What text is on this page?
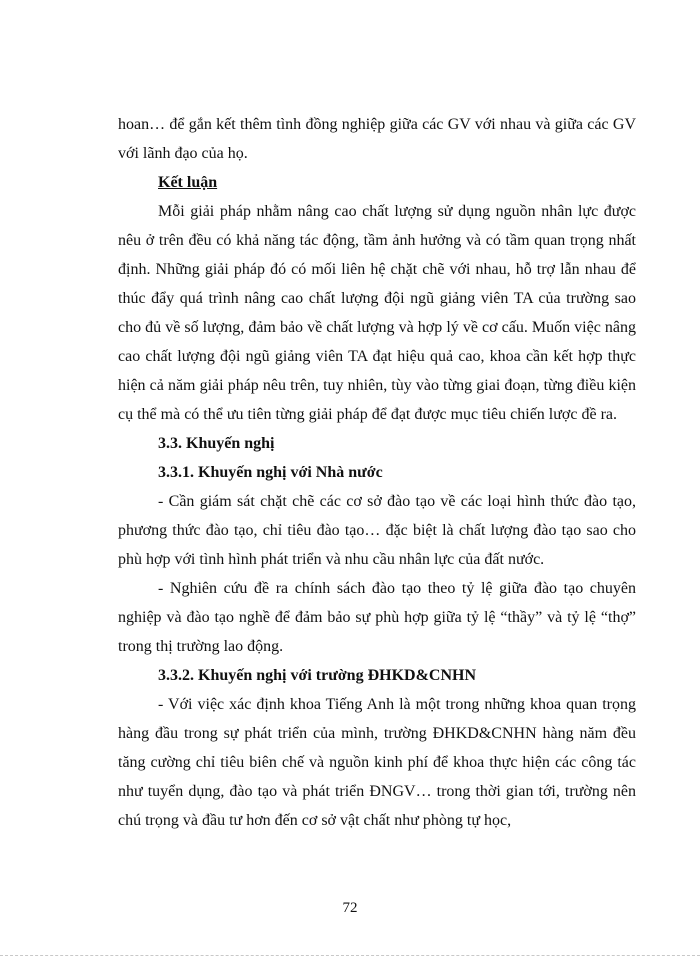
hoan… để gắn kết thêm tình đồng nghiệp giữa các GV với nhau và giữa các GV với lãnh đạo của họ.

Kết luận

Mỗi giải pháp nhằm nâng cao chất lượng sử dụng nguồn nhân lực được nêu ở trên đều có khả năng tác động, tầm ảnh hưởng và có tầm quan trọng nhất định. Những giải pháp đó có mối liên hệ chặt chẽ với nhau, hỗ trợ lẫn nhau để thúc đẩy quá trình nâng cao chất lượng đội ngũ giảng viên TA của trường sao cho đủ về số lượng, đảm bảo về chất lượng và hợp lý về cơ cấu. Muốn việc nâng cao chất lượng đội ngũ giảng viên TA đạt hiệu quả cao, khoa cần kết hợp thực hiện cả năm giải pháp nêu trên, tuy nhiên, tùy vào từng giai đoạn, từng điều kiện cụ thể mà có thể ưu tiên từng giải pháp để đạt được mục tiêu chiến lược đề ra.

3.3. Khuyến nghị

3.3.1. Khuyến nghị với Nhà nước

- Cần giám sát chặt chẽ các cơ sở đào tạo về các loại hình thức đào tạo, phương thức đào tạo, chỉ tiêu đào tạo… đặc biệt là chất lượng đào tạo sao cho phù hợp với tình hình phát triển và nhu cầu nhân lực của đất nước.

- Nghiên cứu đề ra chính sách đào tạo theo tỷ lệ giữa đào tạo chuyên nghiệp và đào tạo nghề để đảm bảo sự phù hợp giữa tỷ lệ “thầy” và tỷ lệ “thợ” trong thị trường lao động.

3.3.2. Khuyến nghị với trường ĐHKD&CNHN

- Với việc xác định khoa Tiếng Anh là một trong những khoa quan trọng hàng đầu trong sự phát triển của mình, trường ĐHKD&CNHN hàng năm đều tăng cường chỉ tiêu biên chế và nguồn kinh phí để khoa thực hiện các công tác như tuyển dụng, đào tạo và phát triển ĐNGV… trong thời gian tới, trường nên chú trọng và đầu tư hơn đến cơ sở vật chất như phòng tự học,

72
